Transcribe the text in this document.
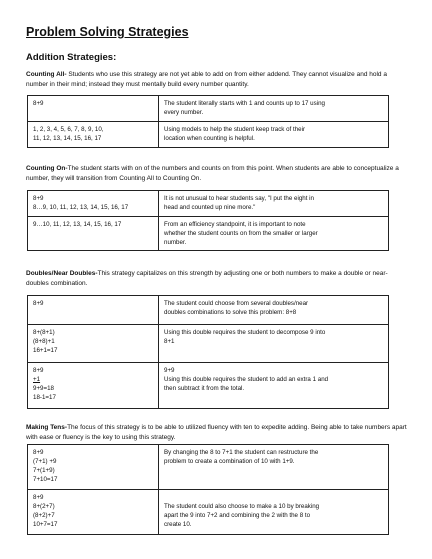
Problem Solving Strategies
Addition Strategies:
Counting All- Students who use this strategy are not yet able to add on from either addend. They cannot visualize and hold a number in their mind; instead they must mentally build every number quantity.
8+9	The student literally starts with 1 and counts up to 17 using
every number.

1, 2, 3, 4, 5, 6, 7, 8, 9, 10,
11, 12, 13, 14, 15, 16, 17	Using models to help the student keep track of their
location when counting is helpful.
Counting On-The student starts with on of the numbers and counts on from this point. When students are able to conceptualize a number, they will transition from Counting All to Counting On.
8+9
8…9, 10, 11, 12, 13, 14, 15, 16, 17	It is not unusual to hear students say, "I put the eight in
head and counted up nine more."

9…10, 11, 12, 13, 14, 15, 16, 17	From an efficiency standpoint, it is important to note
whether the student counts on from the smaller or larger
number.
Doubles/Near Doubles-This strategy capitalizes on this strength by adjusting one or both numbers to make a double or near-doubles combination.
8+9	The student could choose from several doubles/near
doubles combinations to solve this problem: 8+8

8+(8+1)
(8+8)+1
16+1=17	Using this double requires the student to decompose 9 into
8+1

8+9
+1
9+9=18
18-1=17	9+9
Using this double requires the student to add an extra 1 and
then subtract it from the total.
Making Tens-The focus of this strategy is to be able to utilized fluency with ten to expedite adding. Being able to take numbers apart with ease or fluency is the key to using this strategy.
8+9
(7+1) +9
7+(1+9)
7+10=17	By changing the 8 to 7+1 the student can restructure the
problem to create a combination of 10 with 1+9.

8+9
8+(2+7)
(8+2)+7
10+7=17	The student could also choose to make a 10 by breaking
apart the 9 into 7+2 and combining the 2 with the 8 to
create 10.
